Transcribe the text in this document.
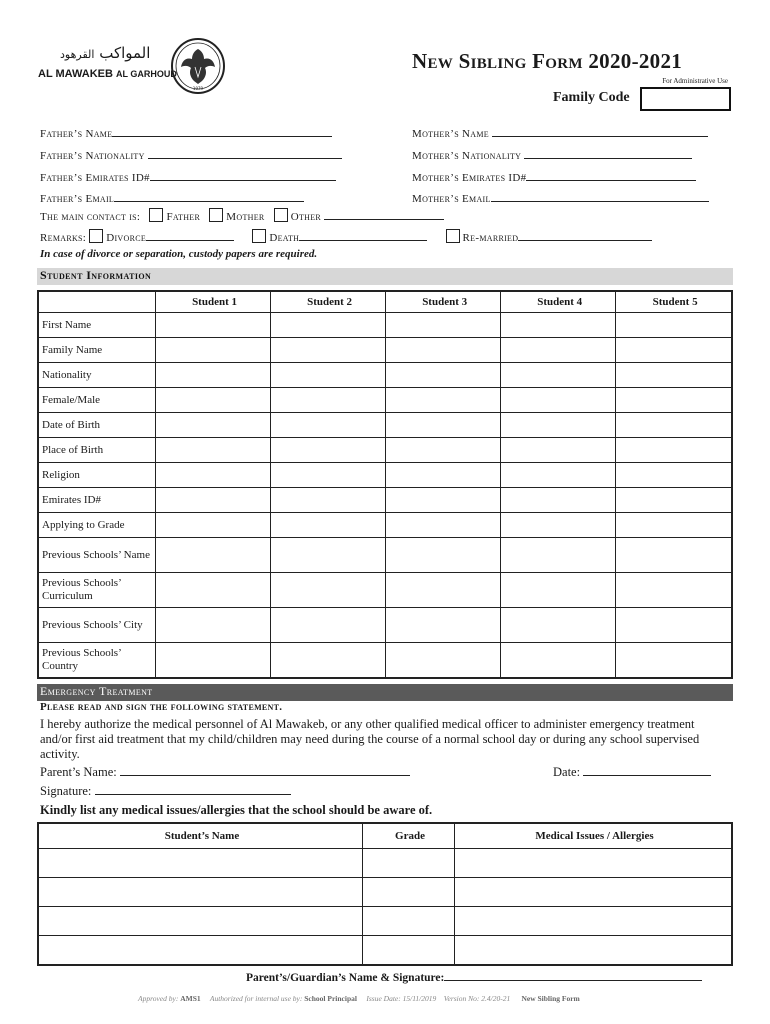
المواكب القرهود
AL MAWAKEB AL GARHOUD
1979
New Sibling Form 2020-2021
For Administrative Use
Family Code
Father’s Name	Mother’s Name
Father’s Nationality	Mother’s Nationality
Father’s Emirates ID#	Mother’s Emirates ID#
Father’s Email	Mother’s Email
The main contact is: Father Mother Other
Remarks: Divorce	Death	Re-married
In case of divorce or separation, custody papers are required.
Student Information
	Student 1	Student 2	Student 3	Student 4	Student 5
First Name					
Family Name					
Nationality					
Female/Male					
Date of Birth					
Place of Birth					
Religion					
Emirates ID#					
Applying to Grade					
Previous Schools’ Name					
Previous Schools’ Curriculum					
Previous Schools’ City					
Previous Schools’ Country					
Emergency Treatment
Please read and sign the following statement.
I hereby authorize the medical personnel of Al Mawakeb, or any other qualified medical officer to administer emergency treatment and/or first aid treatment that my child/children may need during the course of a normal school day or during any school supervised activity.
Parent’s Name:	Date:
Signature:
Kindly list any medical issues/allergies that the school should be aware of.
Student’s Name	Grade	Medical Issues / Allergies

Parent’s/Guardian’s Name & Signature:
Approved by: AMS1 Authorized for internal use by: School Principal Issue Date: 15/11/2019 Version No: 2.4/20-21 New Sibling Form
